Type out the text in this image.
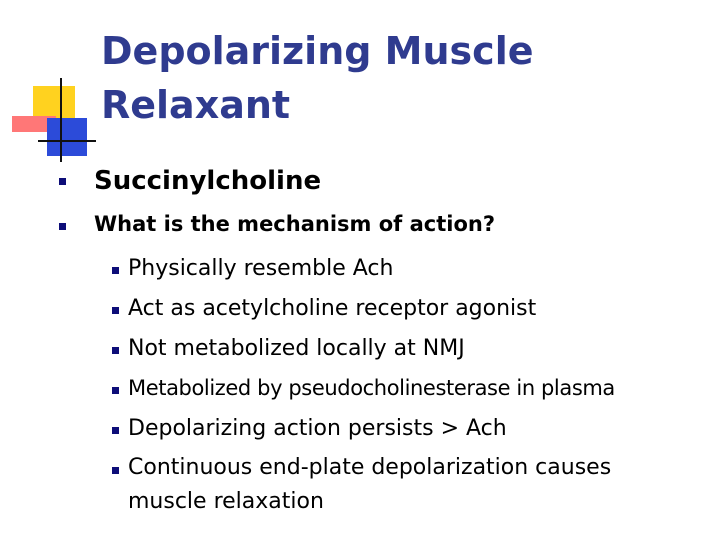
Depolarizing Muscle Relaxant
Succinylcholine
What is the mechanism of action?
Physically resemble Ach
Act as acetylcholine receptor agonist
Not metabolized locally at NMJ
Metabolized by pseudocholinesterase in plasma
Depolarizing action persists > Ach
Continuous end-plate depolarization causes muscle relaxation
